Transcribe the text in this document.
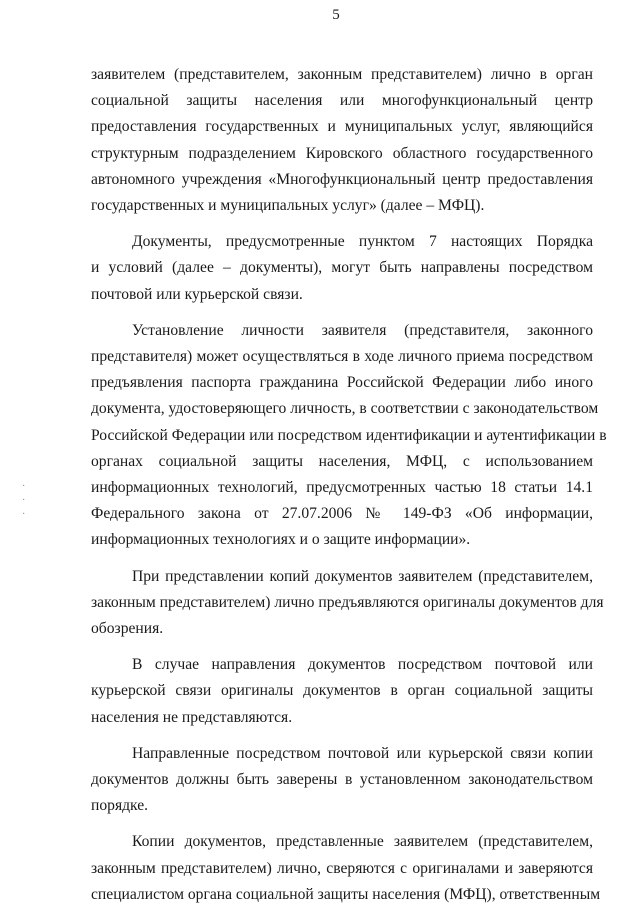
5
заявителем (представителем, законным представителем) лично в орган
социальной защиты населения или многофункциональный центр
предоставления государственных и муниципальных услуг, являющийся
структурным подразделением Кировского областного государственного
автономного учреждения «Многофункциональный центр предоставления
государственных и муниципальных услуг» (далее – МФЦ).
Документы, предусмотренные пунктом 7 настоящих Порядка
и условий (далее – документы), могут быть направлены посредством
почтовой или курьерской связи.
Установление личности заявителя (представителя, законного
представителя) может осуществляться в ходе личного приема посредством
предъявления паспорта гражданина Российской Федерации либо иного
документа, удостоверяющего личность, в соответствии с законодательством
Российской Федерации или посредством идентификации и аутентификации в
органах социальной защиты населения, МФЦ, с использованием
информационных технологий, предусмотренных частью 18 статьи 14.1
Федерального закона от 27.07.2006 № 149-ФЗ «Об информации,
информационных технологиях и о защите информации».
При представлении копий документов заявителем (представителем,
законным представителем) лично предъявляются оригиналы документов для
обозрения.
В случае направления документов посредством почтовой или
курьерской связи оригиналы документов в орган социальной защиты
населения не представляются.
Направленные посредством почтовой или курьерской связи копии
документов должны быть заверены в установленном законодательством
порядке.
Копии документов, представленные заявителем (представителем,
законным представителем) лично, сверяются с оригиналами и заверяются
специалистом органа социальной защиты населения (МФЦ), ответственным
·
·
·
